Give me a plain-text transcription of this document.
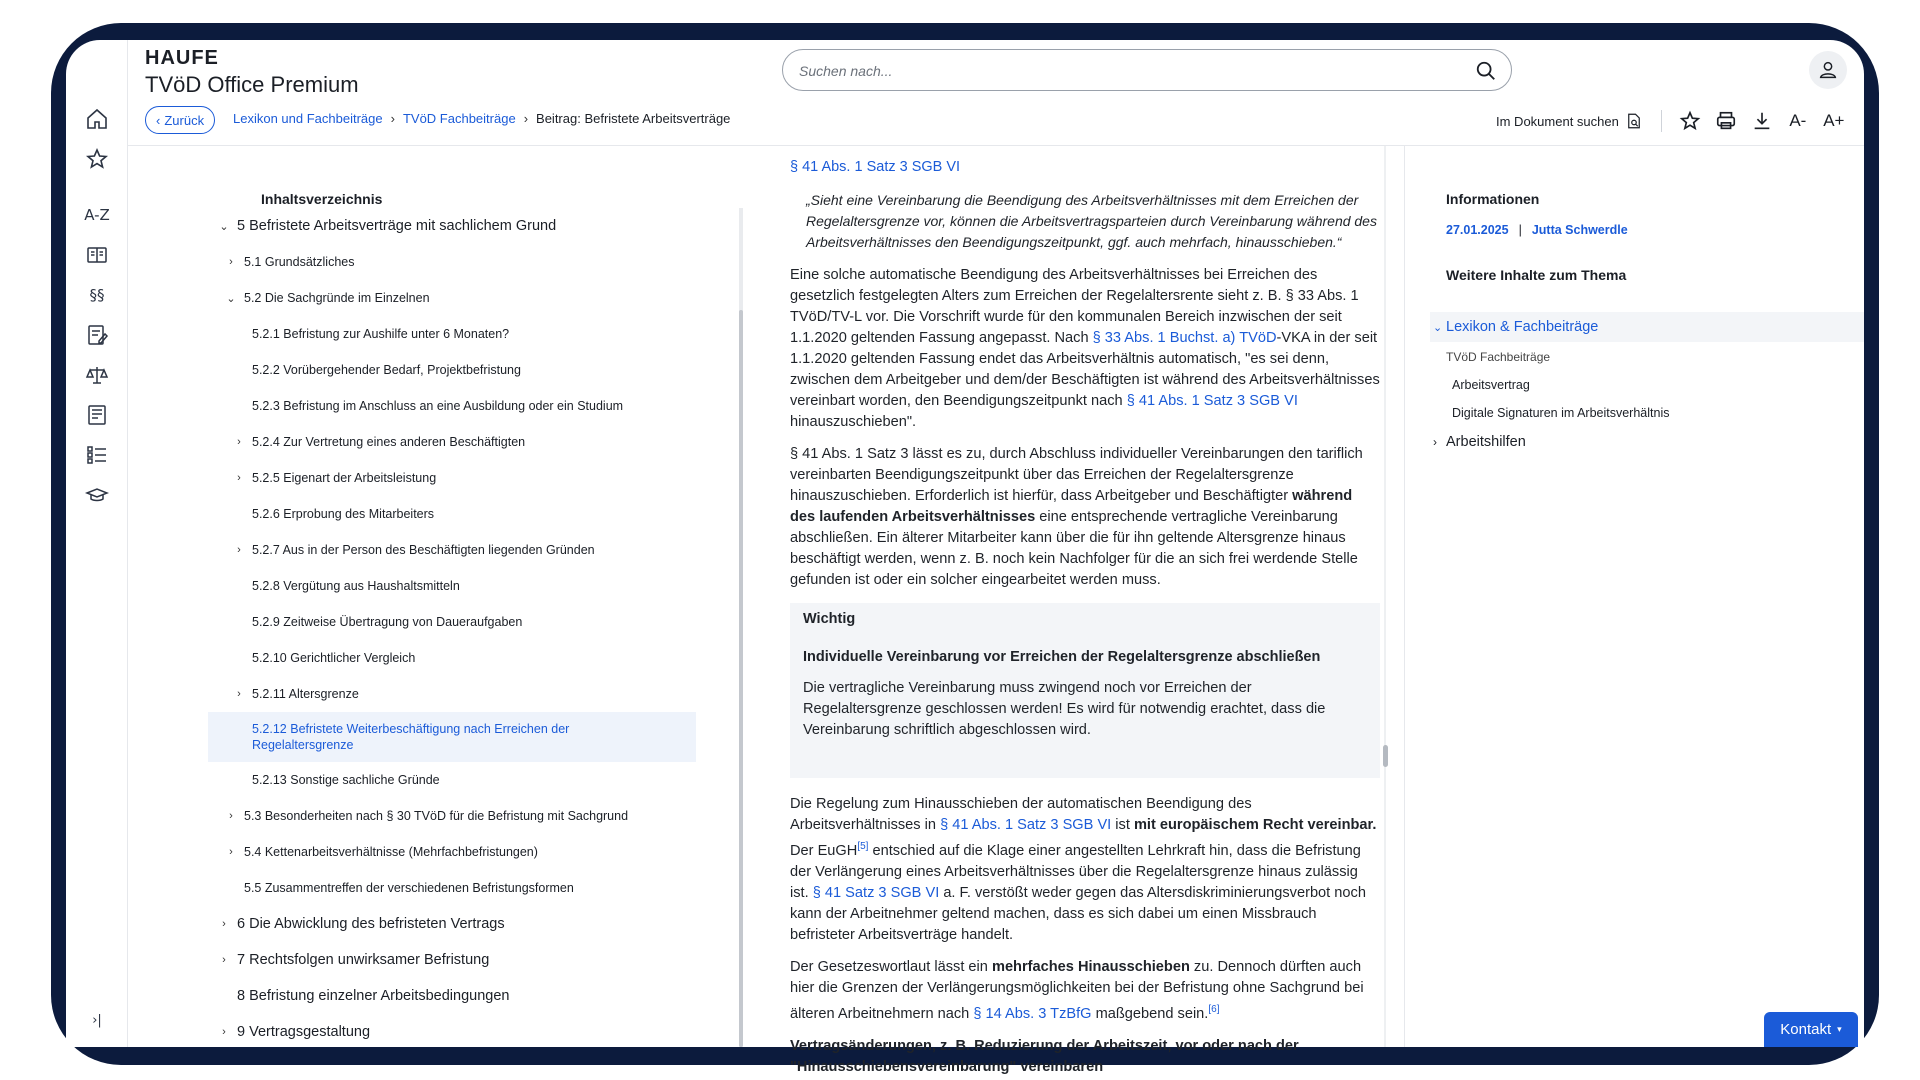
A-Z
§§
›|
HAUFE
TVöD Office Premium
Suchen nach...
‹ Zurück Lexikon und Fachbeiträge › TVöD Fachbeiträge › Beitrag: Befristete Arbeitsverträge	Im Dokument suchen	A- A+
Inhaltsverzeichnis
⌄ 5 Befristete Arbeitsverträge mit sachlichem Grund
› 5.1 Grundsätzliches
⌄ 5.2 Die Sachgründe im Einzelnen
5.2.1 Befristung zur Aushilfe unter 6 Monaten?
5.2.2 Vorübergehender Bedarf, Projektbefristung
5.2.3 Befristung im Anschluss an eine Ausbildung oder ein Studium
› 5.2.4 Zur Vertretung eines anderen Beschäftigten
› 5.2.5 Eigenart der Arbeitsleistung
5.2.6 Erprobung des Mitarbeiters
› 5.2.7 Aus in der Person des Beschäftigten liegenden Gründen
5.2.8 Vergütung aus Haushaltsmitteln
5.2.9 Zeitweise Übertragung von Daueraufgaben
5.2.10 Gerichtlicher Vergleich
› 5.2.11 Altersgrenze
5.2.12 Befristete Weiterbeschäftigung nach Erreichen der Regelaltersgrenze
5.2.13 Sonstige sachliche Gründe
› 5.3 Besonderheiten nach § 30 TVöD für die Befristung mit Sachgrund
› 5.4 Kettenarbeitsverhältnisse (Mehrfachbefristungen)
5.5 Zusammentreffen der verschiedenen Befristungsformen
› 6 Die Abwicklung des befristeten Vertrags
› 7 Rechtsfolgen unwirksamer Befristung
8 Befristung einzelner Arbeitsbedingungen
› 9 Vertragsgestaltung
§ 41 Abs. 1 Satz 3 SGB VI
„Sieht eine Vereinbarung die Beendigung des Arbeitsverhältnisses mit dem Erreichen der Regelaltersgrenze vor, können die Arbeitsvertragsparteien durch Vereinbarung während des Arbeitsverhältnisses den Beendigungszeitpunkt, ggf. auch mehrfach, hinausschieben.“

Eine solche automatische Beendigung des Arbeitsverhältnisses bei Erreichen des gesetzlich festgelegten Alters zum Erreichen der Regelaltersrente sieht z. B. § 33 Abs. 1 TVöD/TV-L vor. Die Vorschrift wurde für den kommunalen Bereich inzwischen der seit 1.1.2020 geltenden Fassung angepasst. Nach § 33 Abs. 1 Buchst. a) TVöD-VKA in der seit 1.1.2020 geltenden Fassung endet das Arbeitsverhältnis automatisch, "es sei denn, zwischen dem Arbeitgeber und dem/der Beschäftigten ist während des Arbeitsverhältnisses vereinbart worden, den Beendigungszeitpunkt nach § 41 Abs. 1 Satz 3 SGB VI hinauszuschieben".

§ 41 Abs. 1 Satz 3 lässt es zu, durch Abschluss individueller Vereinbarungen den tariflich vereinbarten Beendigungszeitpunkt über das Erreichen der Regelaltersgrenze hinauszuschieben. Erforderlich ist hierfür, dass Arbeitgeber und Beschäftigter während des laufenden Arbeitsverhältnisses eine entsprechende vertragliche Vereinbarung abschließen. Ein älterer Mitarbeiter kann über die für ihn geltende Altersgrenze hinaus beschäftigt werden, wenn z. B. noch kein Nachfolger für die an sich frei werdende Stelle gefunden ist oder ein solcher eingearbeitet werden muss.

Wichtig
Individuelle Vereinbarung vor Erreichen der Regelaltersgrenze abschließen
Die vertragliche Vereinbarung muss zwingend noch vor Erreichen der Regelaltersgrenze geschlossen werden! Es wird für notwendig erachtet, dass die Vereinbarung schriftlich abgeschlossen wird.

Die Regelung zum Hinausschieben der automatischen Beendigung des Arbeitsverhältnisses in § 41 Abs. 1 Satz 3 SGB VI ist mit europäischem Recht vereinbar. Der EuGH[5] entschied auf die Klage einer angestellten Lehrkraft hin, dass die Befristung der Verlängerung eines Arbeitsverhältnisses über die Regelaltersgrenze hinaus zulässig ist. § 41 Satz 3 SGB VI a. F. verstößt weder gegen das Altersdiskriminierungsverbot noch kann der Arbeitnehmer geltend machen, dass es sich dabei um einen Missbrauch befristeter Arbeitsverträge handelt.

Der Gesetzeswortlaut lässt ein mehrfaches Hinausschieben zu. Dennoch dürften auch hier die Grenzen der Verlängerungsmöglichkeiten bei der Befristung ohne Sachgrund bei älteren Arbeitnehmern nach § 14 Abs. 3 TzBfG maßgebend sein.[6]

Vertragsänderungen, z. B. Reduzierung der Arbeitszeit, vor oder nach der "Hinausschiebensvereinbarung" vereinbaren

Informationen
27.01.2025 | Jutta Schwerdle
Weitere Inhalte zum Thema
⌄ Lexikon & Fachbeiträge
TVöD Fachbeiträge
Arbeitsvertrag
Digitale Signaturen im Arbeitsverhältnis
› Arbeitshilfen
Kontakt ▾
